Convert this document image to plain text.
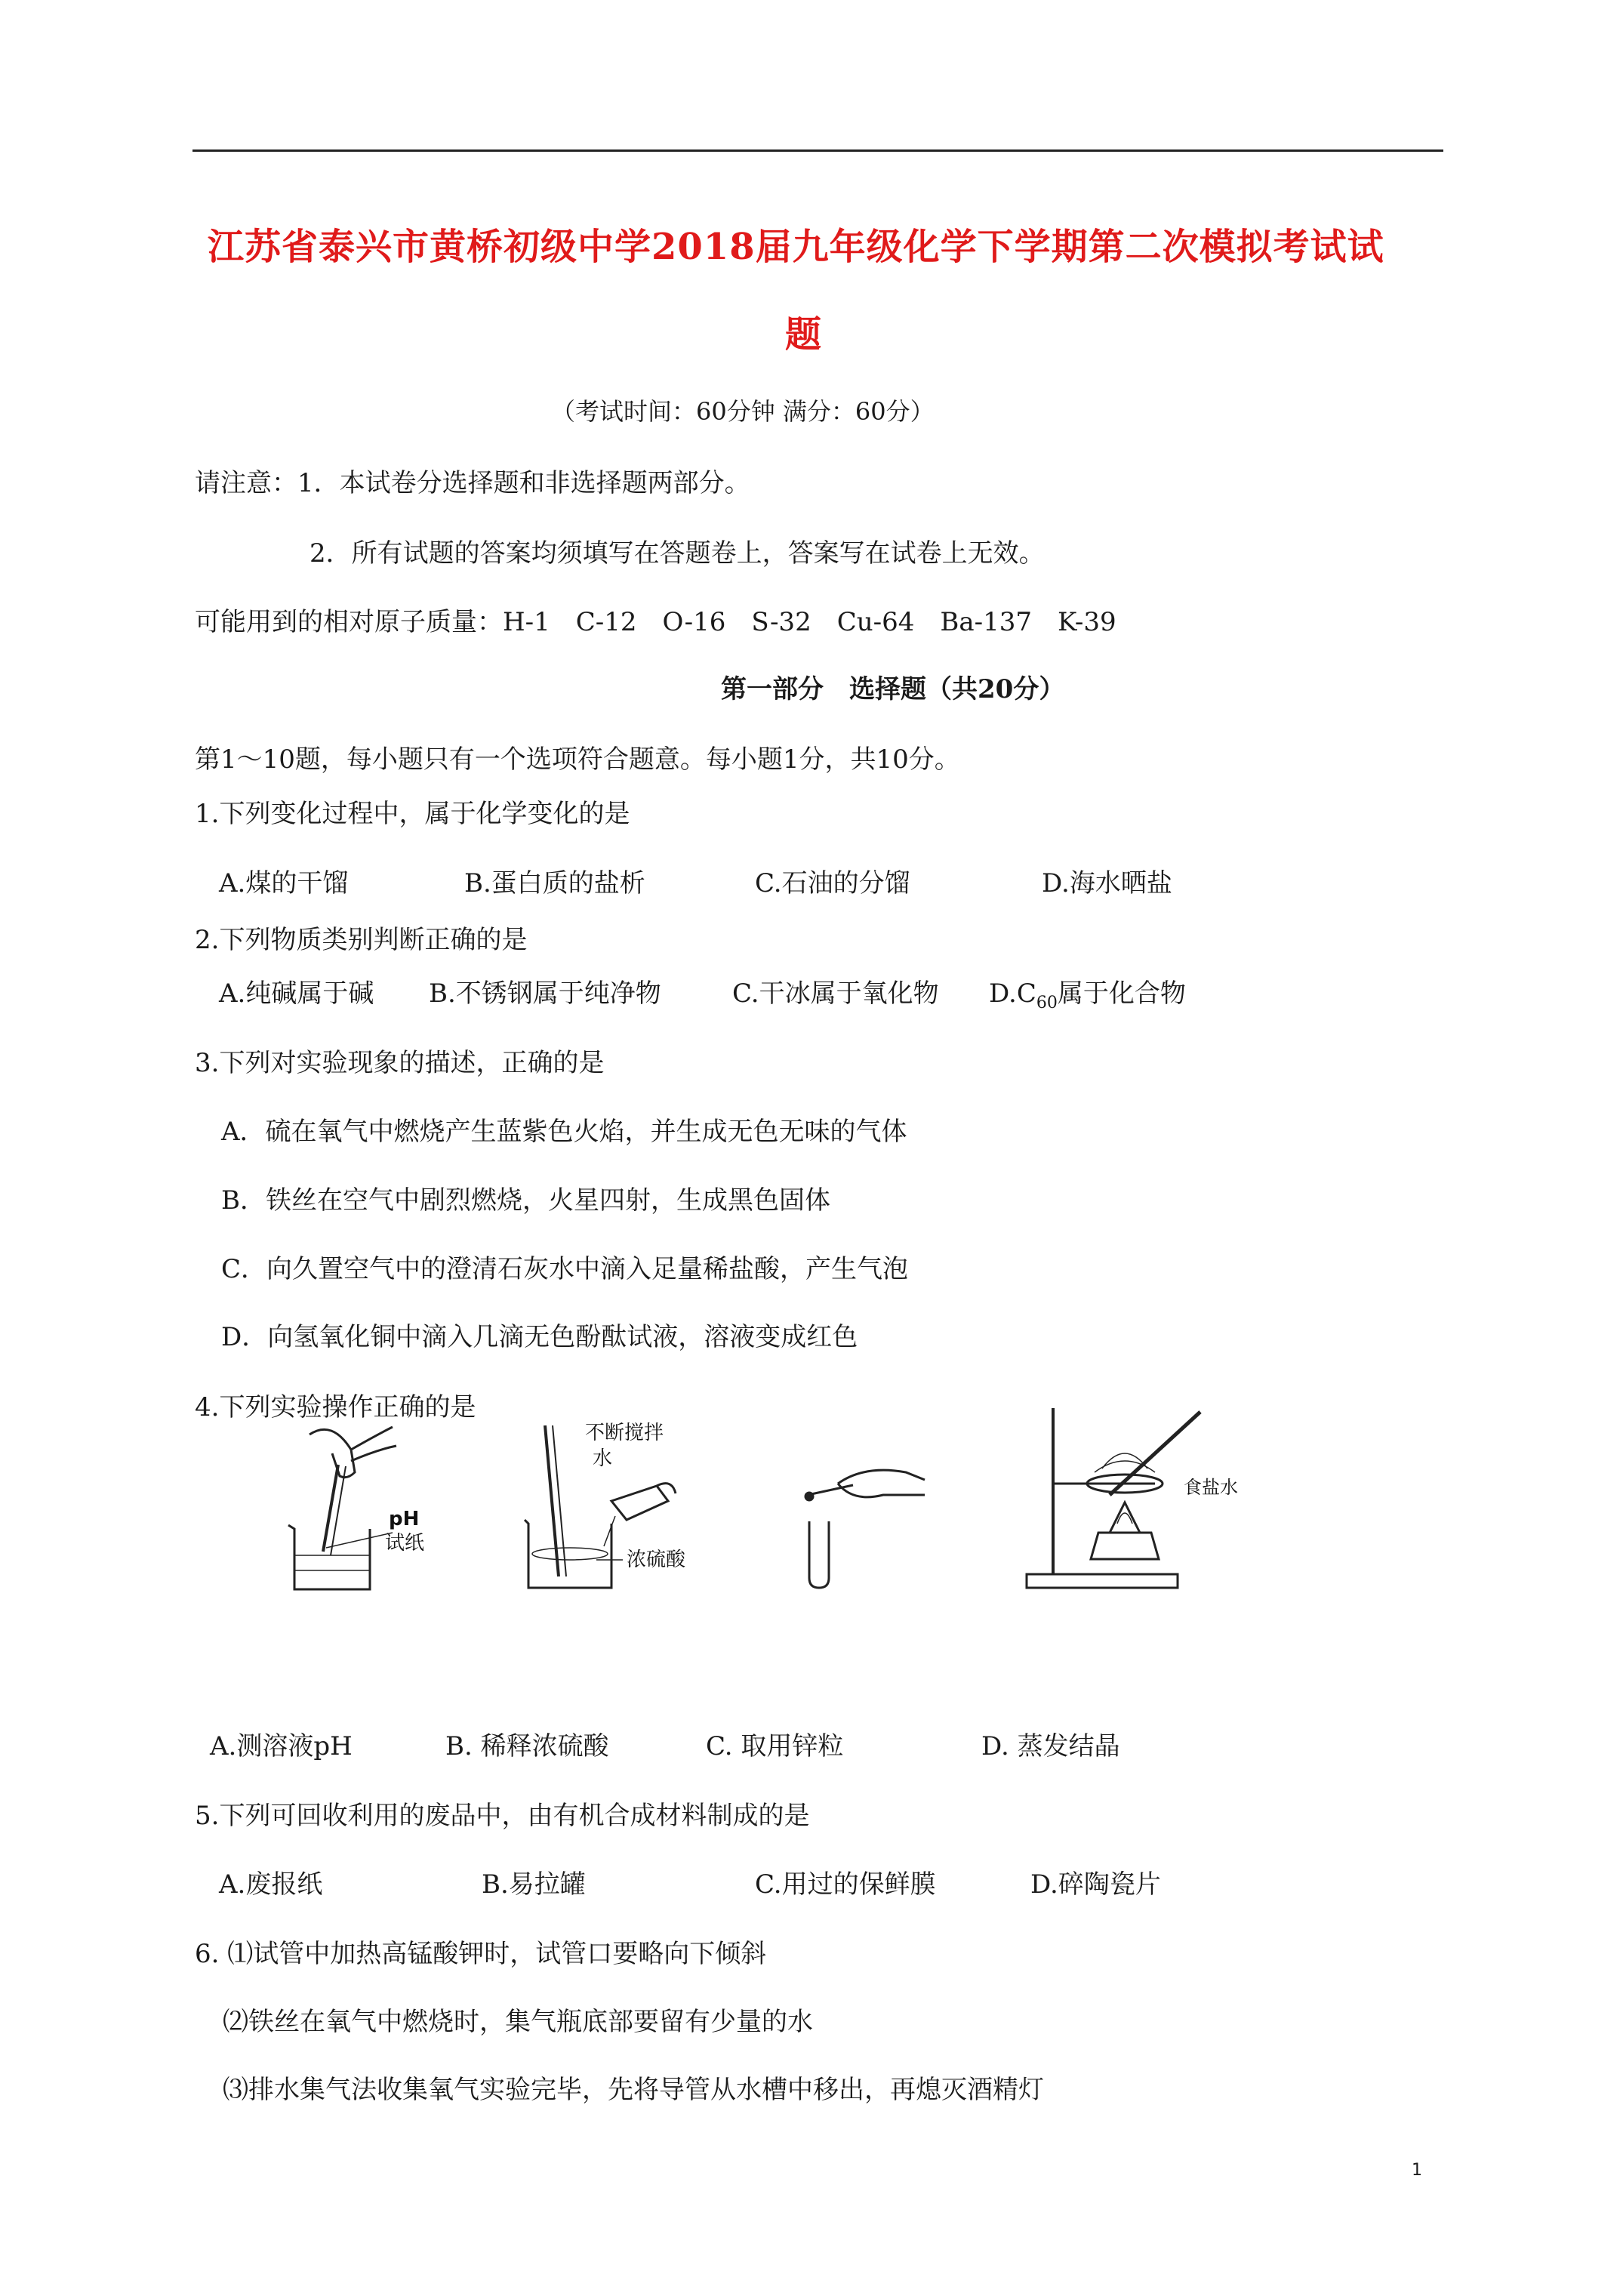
江苏省泰兴市黄桥初级中学2018届九年级化学下学期第二次模拟考试试
题
（考试时间：60分钟 满分：60分）
请注意：1．本试卷分选择题和非选择题两部分。
2．所有试题的答案均须填写在答题卷上，答案写在试卷上无效。
可能用到的相对原子质量：H-1　C-12　O-16　S-32　Cu-64　Ba-137　K-39
第一部分　选择题（共20分）
第1～10题，每小题只有一个选项符合题意。每小题1分，共10分。
1.下列变化过程中，属于化学变化的是
A.煤的干馏	B.蛋白质的盐析	C.石油的分馏	D.海水晒盐
2.下列物质类别判断正确的是
A.纯碱属于碱 B.不锈钢属于纯净物	C.干冰属于氧化物 $D.C_{60}$属于化合物
3.下列对实验现象的描述，正确的是
A．硫在氧气中燃烧产生蓝紫色火焰，并生成无色无味的气体
B．铁丝在空气中剧烈燃烧，火星四射，生成黑色固体
C．向久置空气中的澄清石灰水中滴入足量稀盐酸，产生气泡
D．向氢氧化铜中滴入几滴无色酚酞试液，溶液变成红色
4.下列实验操作正确的是
pH
试纸
不断搅拌
水
浓硫酸
食盐水
A.测溶液pH	B. 稀释浓硫酸	C. 取用锌粒	D. 蒸发结晶
5.下列可回收利用的废品中，由有机合成材料制成的是
A.废报纸	B.易拉罐	C.用过的保鲜膜	D.碎陶瓷片
6. ⑴试管中加热高锰酸钾时，试管口要略向下倾斜
⑵铁丝在氧气中燃烧时，集气瓶底部要留有少量的水
⑶排水集气法收集氧气实验完毕，先将导管从水槽中移出，再熄灭酒精灯
1
